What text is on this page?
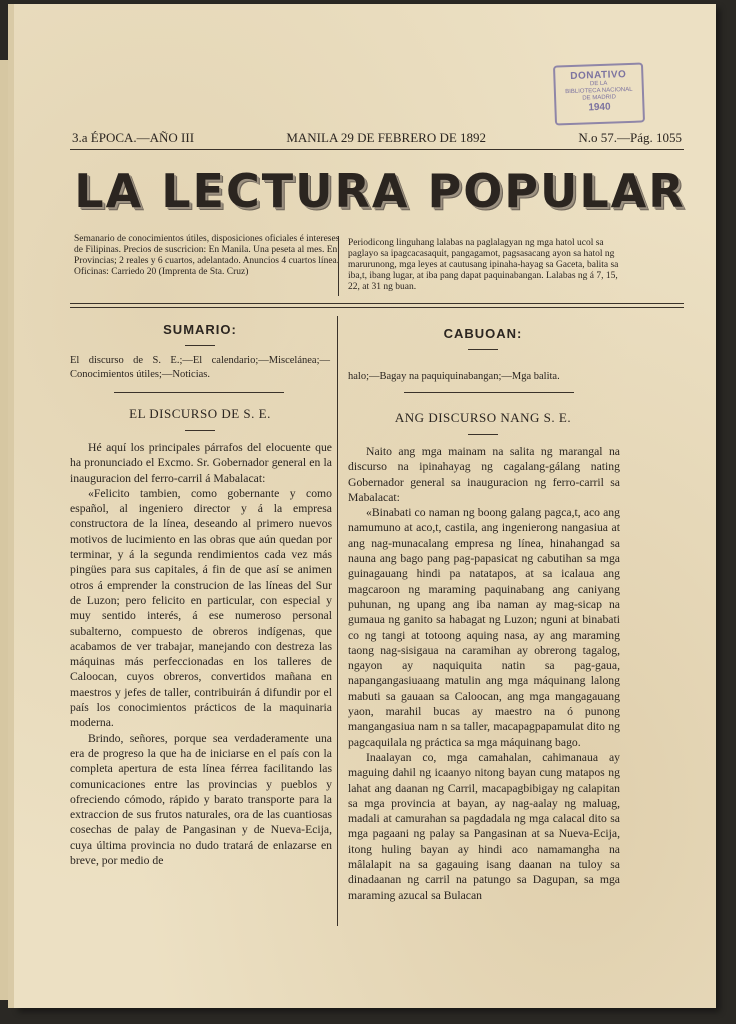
DONATIVO
DE LA
BIBLIOTECA NACIONAL
DE MADRID
1940
3.a ÉPOCA.—AÑO III	MANILA 29 DE FEBRERO DE 1892	N.o 57.—Pág. 1055
LA LECTURA POPULAR
Semanario de conocimientos útiles, disposiciones oficiales é intereses de Filipinas. Precios de suscricion: En Manila. Una peseta al mes. En Provincias; 2 reales y 6 cuartos, adelantado. Anuncios 4 cuartos línea. Oficinas: Carriedo 20 (Imprenta de Sta. Cruz)
Periodicong linguhang lalabas na paglalagyan ng mga hatol ucol sa paglayo sa ipagcacasaquit, pangagamot, pagsasacang ayon sa hatol ng marurunong, mga leyes at cautusang ipinaha-hayag sa Gaceta, balita sa iba,t, ibang lugar, at iba pang dapat paquinabangan. Lalabas ng á 7, 15, 22, at 31 ng buan.
SUMARIO:
El discurso de S. E.;—El calendario;—Miscelánea;—Conocimientos útiles;—Noticias.
EL DISCURSO DE S. E.

Hé aquí los principales párrafos del elocuente que ha pronunciado el Excmo. Sr. Gobernador general en la inauguracion del ferro-carril á Mabalacat:

«Felicito tambien, como gobernante y como español, al ingeniero director y á la empresa constructora de la línea, deseando al primero nuevos motivos de lucimiento en las obras que aún quedan por terminar, y á la segunda rendimientos cada vez más pingües para sus capitales, á fin de que así se animen otros á emprender la construcion de las líneas del Sur de Luzon; pero felicito en particular, con especial y muy sentido interés, á ese numeroso personal subalterno, compuesto de obreros indígenas, que acabamos de ver trabajar, manejando con destreza las máquinas más perfeccionadas en los talleres de Caloocan, cuyos obreros, convertidos mañana en maestros y jefes de taller, contribuirán á difundir por el país los conocimientos prácticos de la maquinaria moderna.

Brindo, señores, porque sea verdaderamente una era de progreso la que ha de iniciarse en el país con la completa apertura de esta línea férrea facilitando las comunicaciones entre las provincias y pueblos y ofreciendo cómodo, rápido y barato transporte para la extraccion de sus frutos naturales, ora de las cuantiosas cosechas de palay de Pangasinan y de Nueva-Ecija, cuya última provincia no dudo tratará de enlazarse en breve, por medio de

CABUOAN:
halo;—Bagay na paquiquinabangan;—Mga balita.
ANG DISCURSO NANG S. E.

Naito ang mga mainam na salita ng marangal na discurso na ipinahayag ng cagalang-gálang nating Gobernador general sa inauguracion ng ferro-carril sa Mabalacat:

«Binabati co naman ng boong galang pagca,t, aco ang namumuno at aco,t, castila, ang ingenierong nangasiua at ang nag-munacalang empresa ng línea, hinahangad sa nauna ang bago pang pag-papasicat ng cabutihan sa mga guinagauang hindi pa natatapos, at sa icalaua ang magcaroon ng maraming paquinabang ang caniyang puhunan, ng upang ang iba naman ay mag-sicap na gumaua ng ganito sa habagat ng Luzon; nguni at binabati co ng tangi at totoong aquing nasa, ay ang maraming taong nag-sisigaua na caramihan ay obrerong tagalog, ngayon ay naquiquita natin sa pag-gaua, napangangasiuaang matulin ang mga máquinang lalong mabuti sa gauaan sa Caloocan, ang mga mangagauang yaon, marahil bucas ay maestro na ó punong mangangasiua nam n sa taller, macapagpapamulat dito ng pagcaquilala ng práctica sa mga máquinang bago.

Inaalayan co, mga camahalan, cahimanaua ay maguing dahil ng icaanyo nitong bayan cung matapos ng lahat ang daanan ng Carril, macapagbibigay ng calapitan sa mga provincia at bayan, ay nag-aalay ng maluag, madali at camurahan sa pagdadala ng mga calacal dito sa mga pagaani ng palay sa Pangasinan at sa Nueva-Ecija, itong huling bayan ay hindi aco namamangha na mâlalapit na sa gagauing isang daanan na tuloy sa dinadaanan ng carril na patungo sa Dagupan, sa mga maraming azucal sa Bulacan
